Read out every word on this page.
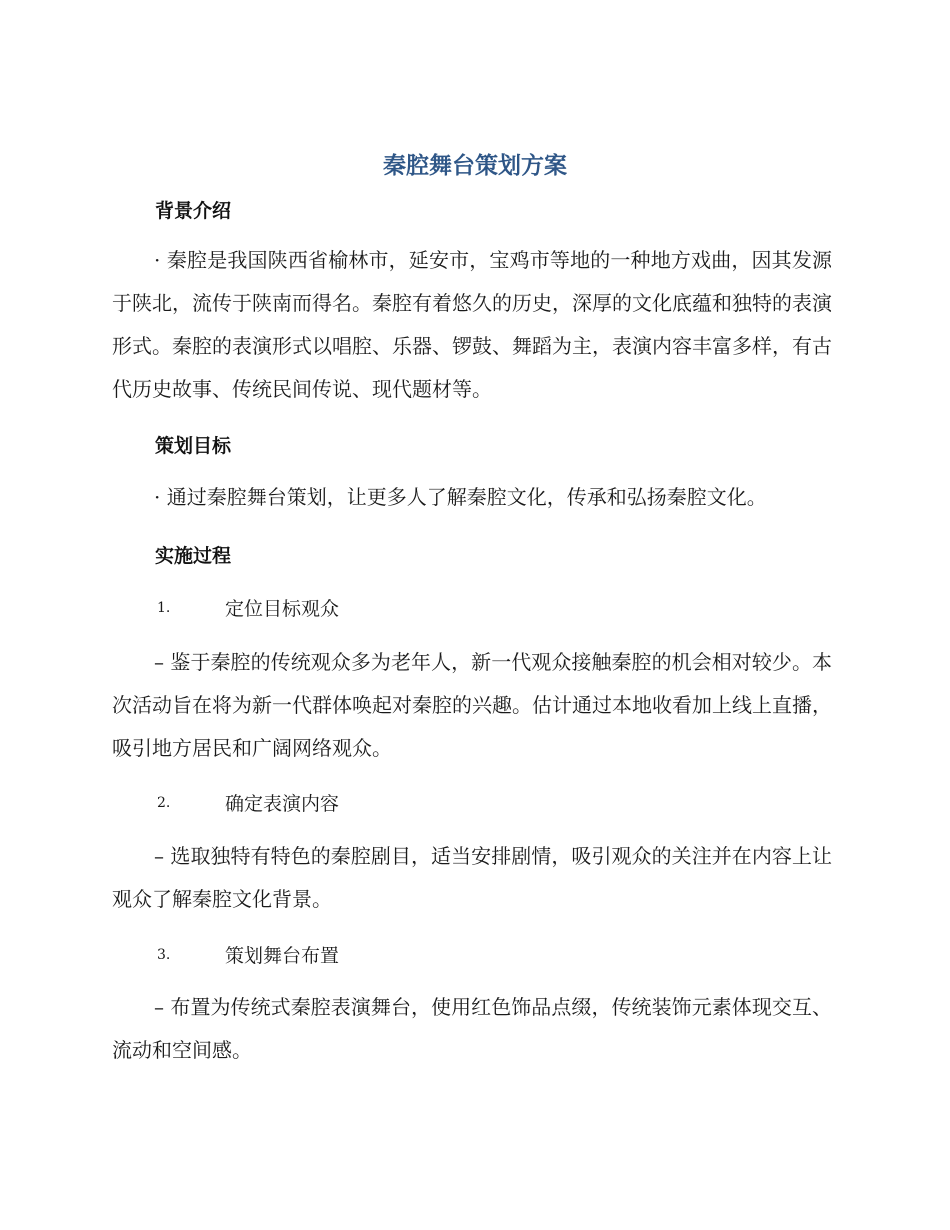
秦腔舞台策划方案
背景介绍

· 秦腔是我国陕西省榆林市，延安市，宝鸡市等地的一种地方戏曲，因其发源于陕北，流传于陕南而得名。秦腔有着悠久的历史，深厚的文化底蕴和独特的表演形式。秦腔的表演形式以唱腔、乐器、锣鼓、舞蹈为主，表演内容丰富多样，有古代历史故事、传统民间传说、现代题材等。

策划目标

· 通过秦腔舞台策划，让更多人了解秦腔文化，传承和弘扬秦腔文化。

实施过程
1.	定位目标观众

– 鉴于秦腔的传统观众多为老年人，新一代观众接触秦腔的机会相对较少。本次活动旨在将为新一代群体唤起对秦腔的兴趣。估计通过本地收看加上线上直播，吸引地方居民和广阔网络观众。

2.	确定表演内容

– 选取独特有特色的秦腔剧目，适当安排剧情，吸引观众的关注并在内容上让观众了解秦腔文化背景。

3.	策划舞台布置

– 布置为传统式秦腔表演舞台，使用红色饰品点缀，传统装饰元素体现交互、流动和空间感。
